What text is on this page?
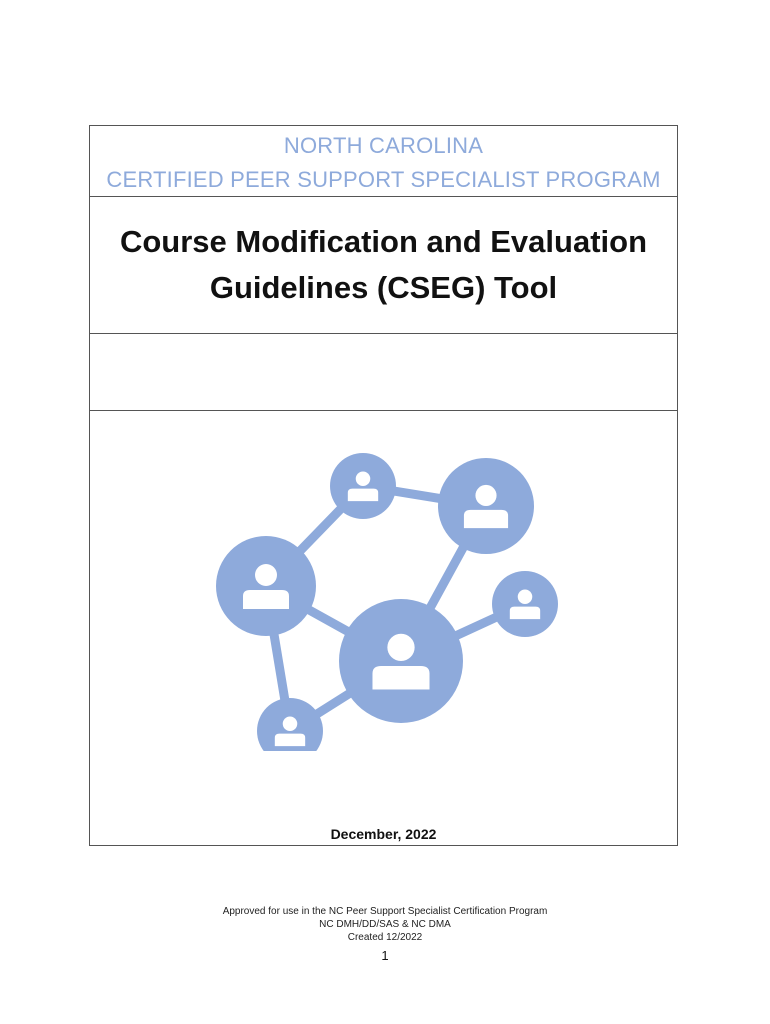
NORTH CAROLINA
CERTIFIED PEER SUPPORT SPECIALIST PROGRAM
Course Modification and Evaluation
Guidelines (CSEG) Tool
December, 2022
Approved for use in the NC Peer Support Specialist Certification Program
NC DMH/DD/SAS & NC DMA
Created 12/2022
1
